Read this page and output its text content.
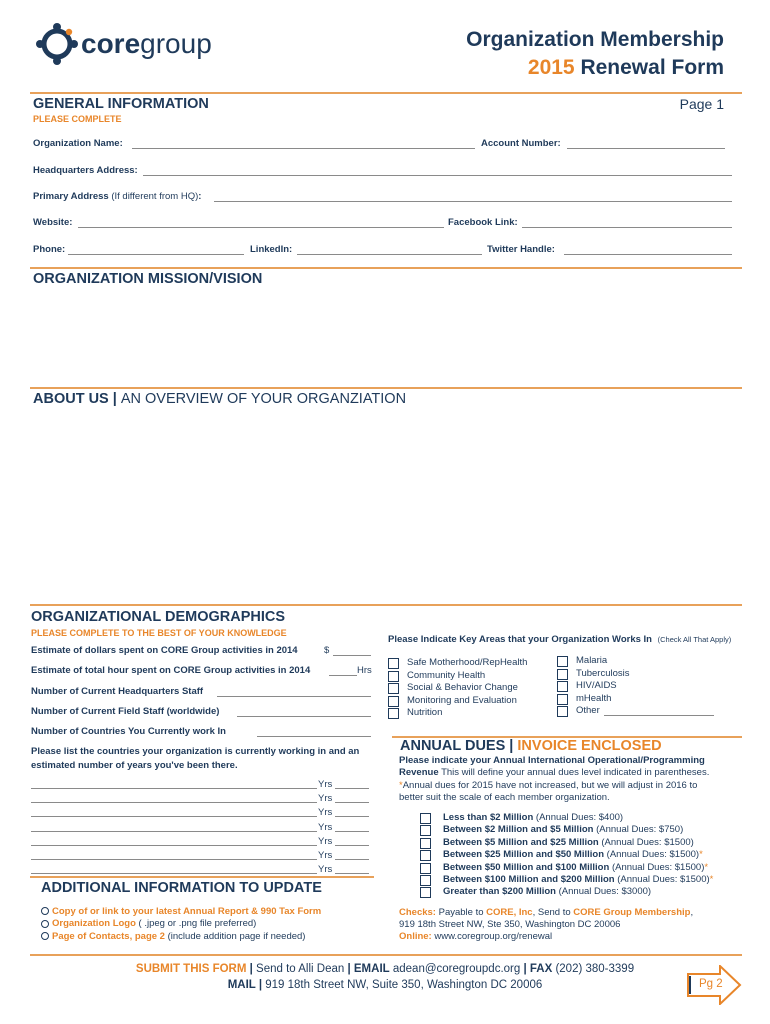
coregroup	Organization Membership
2015 Renewal Form
GENERAL INFORMATION	Page 1
PLEASE COMPLETE
Organization Name:	Account Number:
Headquarters Address:
Primary Address (If different from HQ):
Website:	Facebook Link:
Phone:	LinkedIn:	Twitter Handle:
ORGANIZATION MISSION/VISION
ABOUT US | AN OVERVIEW OF YOUR ORGANZIATION
ORGANIZATIONAL DEMOGRAPHICS
PLEASE COMPLETE TO THE BEST OF YOUR KNOWLEDGE
Estimate of dollars spent on CORE Group activities in 2014	$
Estimate of total hour spent on CORE Group activities in 2014	Hrs
Number of Current Headquarters Staff
Number of Current Field Staff (worldwide)
Number of Countries You Currently work In
Please list the countries your organization is currently working in and an
estimated number of years you've been there.
Yrs
Yrs
Yrs
Yrs
Yrs
Yrs
Yrs
Please Indicate Key Areas that your Organization Works In (Check All That Apply)
Safe Motherhood/RepHealth
Community Health
Social & Behavior Change
Monitoring and Evaluation
Nutrition
Malaria
Tuberculosis
HIV/AIDS
mHealth
Other
ANNUAL DUES | INVOICE ENCLOSED
Please indicate your Annual International Operational/Programming
Revenue This will define your annual dues level indicated in parentheses.
*Annual dues for 2015 have not increased, but we will adjust in 2016 to
better suit the scale of each member organization.
Less than $2 Million (Annual Dues: $400)
Between $2 Million and $5 Million (Annual Dues: $750)
Between $5 Million and $25 Million (Annual Dues: $1500)
Between $25 Million and $50 Million (Annual Dues: $1500)*
Between $50 Million and $100 Million (Annual Dues: $1500)*
Between $100 Million and $200 Million (Annual Dues: $1500)*
Greater than $200 Million (Annual Dues: $3000)
Checks: Payable to CORE, Inc, Send to CORE Group Membership,
919 18th Street NW, Ste 350, Washington DC 20006
Online: www.coregroup.org/renewal
ADDITIONAL INFORMATION TO UPDATE
Copy of or link to your latest Annual Report & 990 Tax Form
Organization Logo ( .jpeg or .png file preferred)
Page of Contacts, page 2 (include addition page if needed)
SUBMIT THIS FORM | Send to Alli Dean | EMAIL adean@coregroupdc.org | FAX (202) 380-3399
MAIL | 919 18th Street NW, Suite 350, Washington DC 20006	Pg 2
